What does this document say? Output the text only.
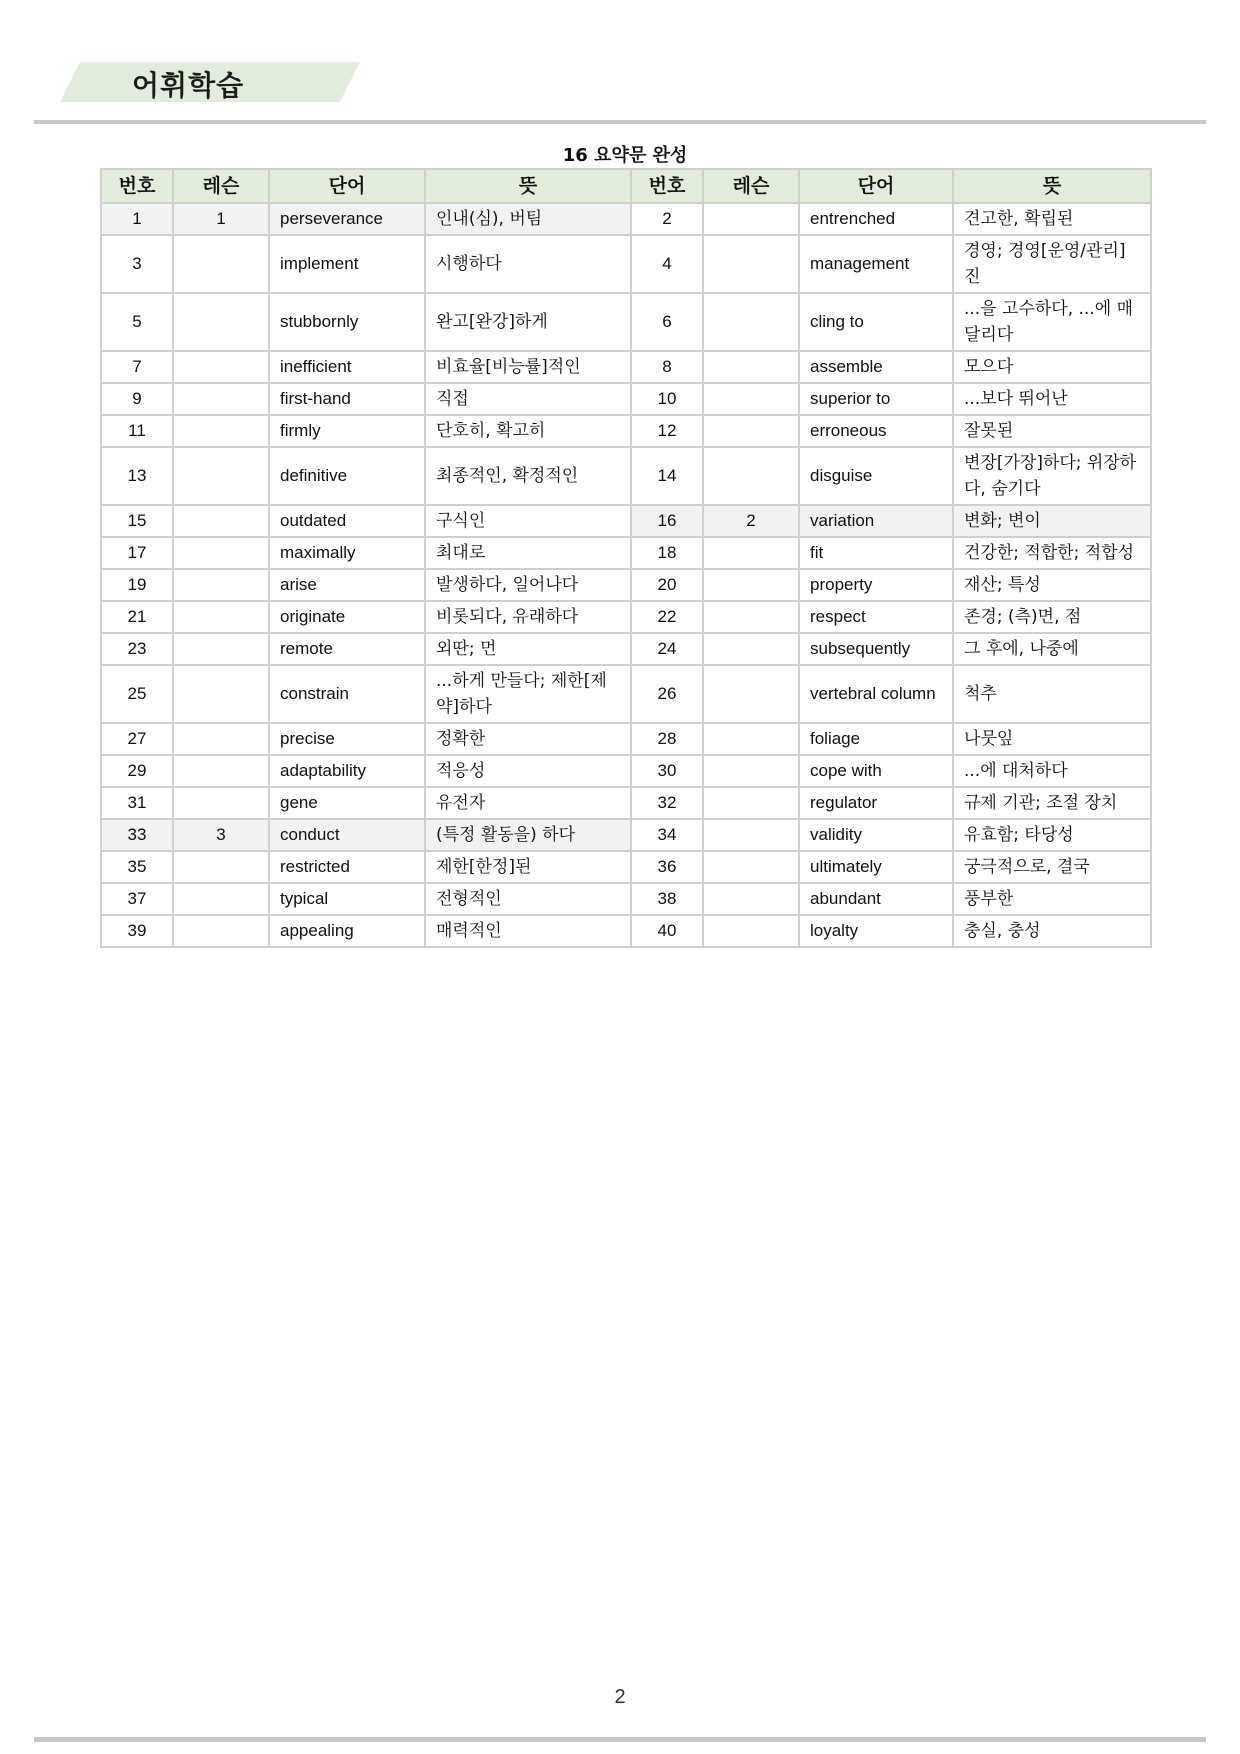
어휘학습
16 요약문 완성
번호	레슨	단어	뜻	번호	레슨	단어	뜻
1	1	perseverance	인내(심), 버팀	2		entrenched	견고한, 확립된
3		implement	시행하다	4		management	경영; 경영[운영/관리]진
5		stubbornly	완고[완강]하게	6		cling to	...을 고수하다, ...에 매달리다
7		inefficient	비효율[비능률]적인	8		assemble	모으다
9		first-hand	직접	10		superior to	...보다 뛰어난
11		firmly	단호히, 확고히	12		erroneous	잘못된
13		definitive	최종적인, 확정적인	14		disguise	변장[가장]하다; 위장하다, 숨기다
15		outdated	구식인	16	2	variation	변화; 변이
17		maximally	최대로	18		fit	건강한; 적합한; 적합성
19		arise	발생하다, 일어나다	20		property	재산; 특성
21		originate	비롯되다, 유래하다	22		respect	존경; (측)면, 점
23		remote	외딴; 먼	24		subsequently	그 후에, 나중에
25		constrain	...하게 만들다; 제한[제약]하다	26		vertebral column	척추
27		precise	정확한	28		foliage	나뭇잎
29		adaptability	적응성	30		cope with	...에 대처하다
31		gene	유전자	32		regulator	규제 기관; 조절 장치
33	3	conduct	(특정 활동을) 하다	34		validity	유효함; 타당성
35		restricted	제한[한정]된	36		ultimately	궁극적으로, 결국
37		typical	전형적인	38		abundant	풍부한
39		appealing	매력적인	40		loyalty	충실, 충성
2
